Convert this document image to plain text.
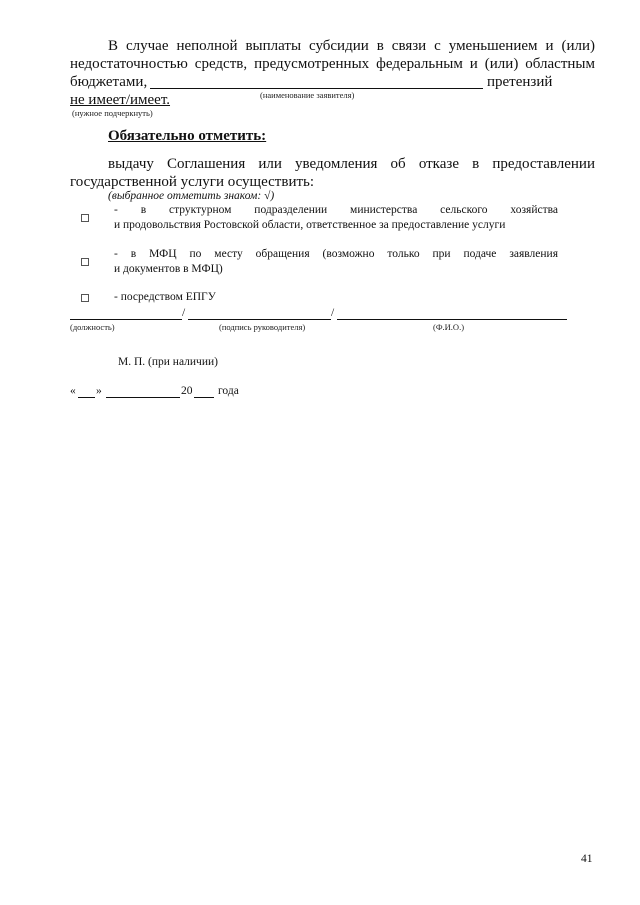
В случае неполной выплаты субсидии в связи с уменьшением и (или)
недостаточностью средств, предусмотренных федеральным и (или) областным
бюджетами,	претензий
(наименование заявителя)
не имеет/имеет.
(нужное подчеркнуть)
Обязательно отметить:
выдачу Соглашения или уведомления об отказе в предоставлении
государственной услуги осуществить:
(выбранное отметить знаком: √)
- в структурном подразделении министерства сельского хозяйства
и продовольствия Ростовской области, ответственное за предоставление услуги
- в МФЦ по месту обращения (возможно только при подаче заявления
и документов в МФЦ)
- посредством ЕПГУ
/	/
(должность)	(подпись руководителя)	(Ф.И.О.)
М. П. (при наличии)
« »	20 года
41
